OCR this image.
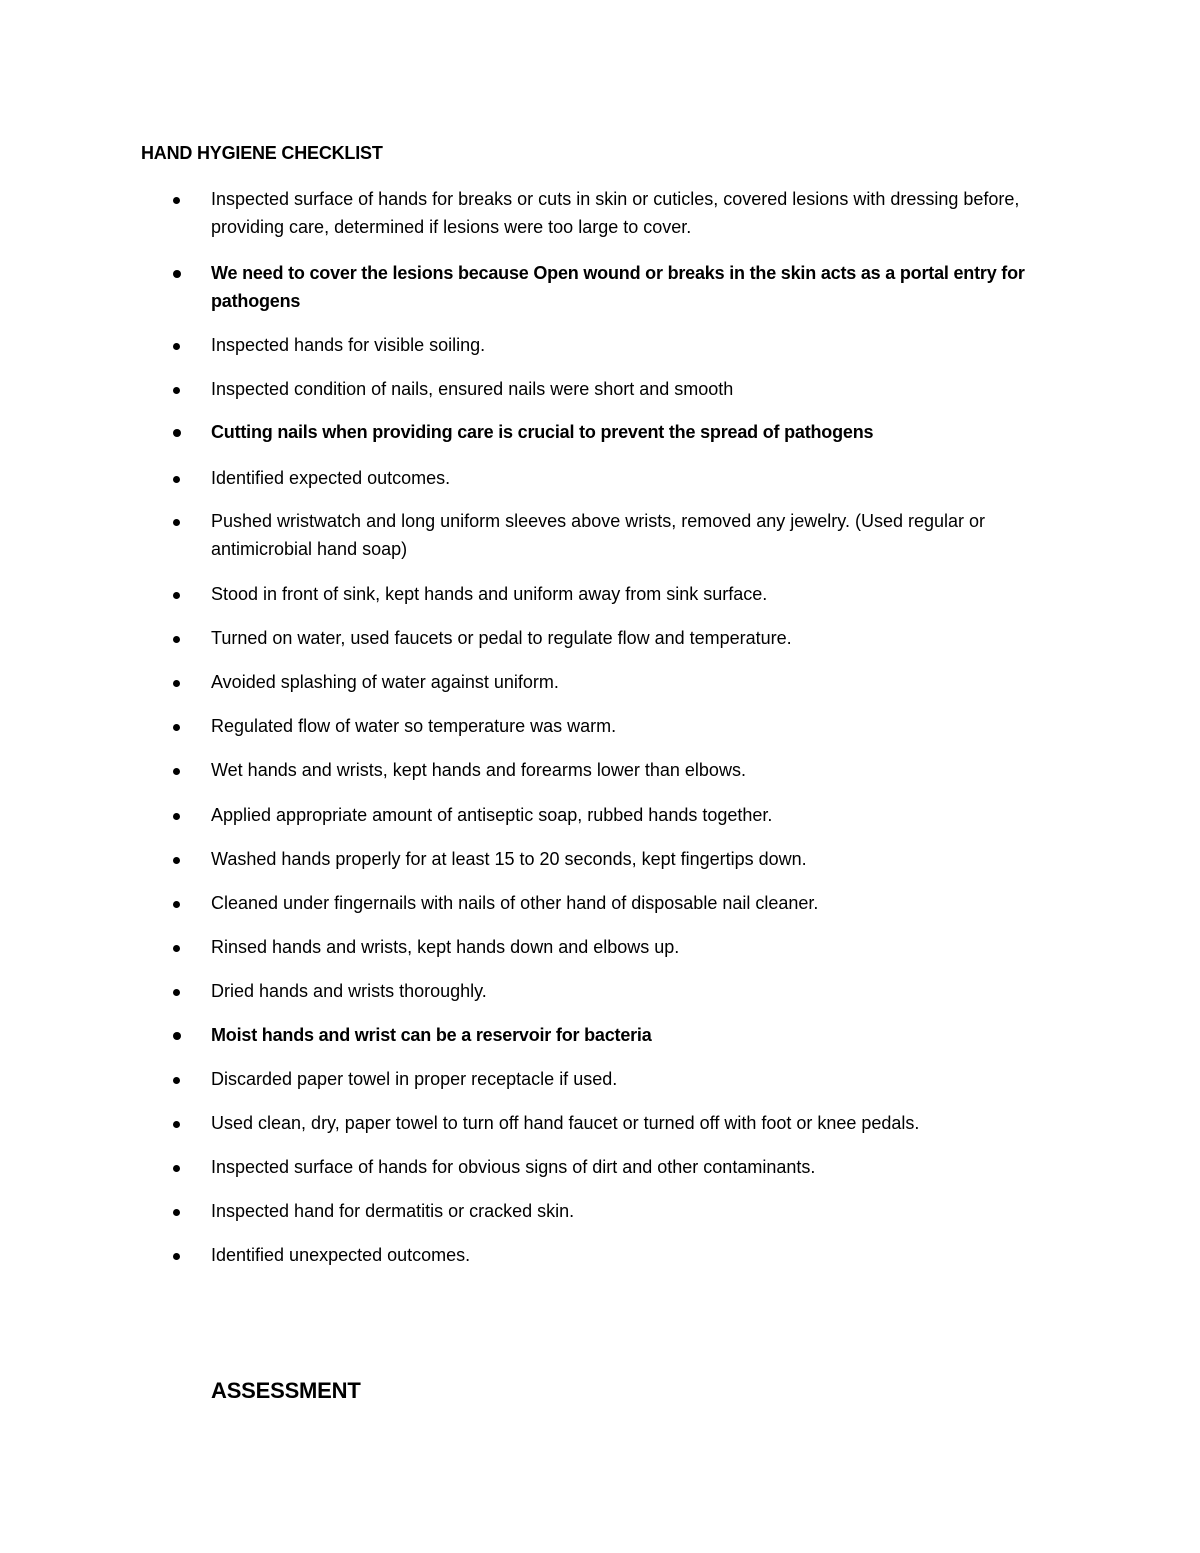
HAND HYGIENE CHECKLIST
Inspected surface of hands for breaks or cuts in skin or cuticles, covered lesions with dressing before, providing care, determined if lesions were too large to cover.
We need to cover the lesions because Open wound or breaks in the skin acts as a portal entry for pathogens
Inspected hands for visible soiling.
Inspected condition of nails, ensured nails were short and smooth
Cutting nails when providing care is crucial to prevent the spread of pathogens
Identified expected outcomes.
Pushed wristwatch and long uniform sleeves above wrists, removed any jewelry. (Used regular or antimicrobial hand soap)
Stood in front of sink, kept hands and uniform away from sink surface.
Turned on water, used faucets or pedal to regulate flow and temperature.
Avoided splashing of water against uniform.
Regulated flow of water so temperature was warm.
Wet hands and wrists, kept hands and forearms lower than elbows.
Applied appropriate amount of antiseptic soap, rubbed hands together.
Washed hands properly for at least 15 to 20 seconds, kept fingertips down.
Cleaned under fingernails with nails of other hand of disposable nail cleaner.
Rinsed hands and wrists, kept hands down and elbows up.
Dried hands and wrists thoroughly.
Moist hands and wrist can be a reservoir for bacteria
Discarded paper towel in proper receptacle if used.
Used clean, dry, paper towel to turn off hand faucet or turned off with foot or knee pedals.
Inspected surface of hands for obvious signs of dirt and other contaminants.
Inspected hand for dermatitis or cracked skin.
Identified unexpected outcomes.
ASSESSMENT
